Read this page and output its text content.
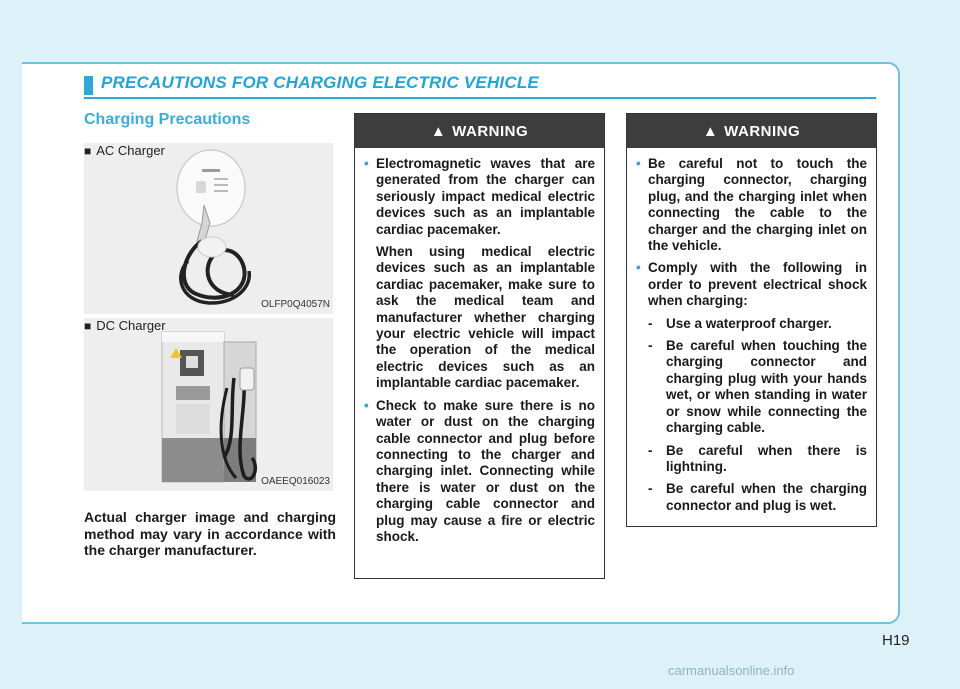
PRECAUTIONS FOR CHARGING ELECTRIC VEHICLE
Charging Precautions
■ AC Charger
OLFP0Q4057N
■ DC Charger
OAEEQ016023
Actual charger image and charging method may vary in accordance with the charger manufacturer.
▲ WARNING

• Electromagnetic waves that are generated from the charger can seriously impact medical electric devices such as an implantable cardiac pacemaker.

When using medical electric devices such as an implantable cardiac pacemaker, make sure to ask the medical team and manufacturer whether charging your electric vehicle will impact the operation of the medical electric devices such as an implantable cardiac pacemaker.

• Check to make sure there is no water or dust on the charging cable connector and plug before connecting to the charger and charging inlet. Connecting while there is water or dust on the charging cable connector and plug may cause a fire or electric shock.

▲ WARNING

• Be careful not to touch the charging connector, charging plug, and the charging inlet when connecting the cable to the charger and the charging inlet on the vehicle.

• Comply with the following in order to prevent electrical shock when charging:

- Use a waterproof charger.

- Be careful when touching the charging connector and charging plug with your hands wet, or when standing in water or snow while connecting the charging cable.

- Be careful when there is lightning.

- Be careful when the charging connector and plug is wet.

H19
carmanualsonline.info
